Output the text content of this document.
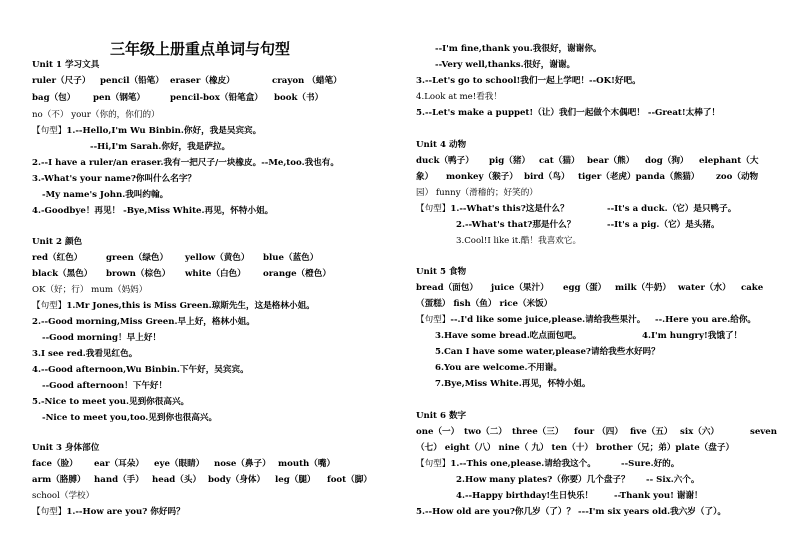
三年级上册重点单词与句型
Unit 1 学习文具
ruler（尺子） pencil（铅笔） eraser（橡皮）	crayon （蜡笔）
bag（包） pen（钢笔）	pencil-box（铅笔盒） book（书）
no（不） your（你的，你们的）
【句型】1.--Hello,I'm Wu Binbin.你好，我是吴宾宾。
--Hi,I'm Sarah.你好，我是萨拉。
2.--I have a ruler/an eraser.我有一把尺子/一块橡皮。--Me,too.我也有。
3.-What's your name?你叫什么名字？
-My name's John.我叫约翰。
4.-Goodbye！再见！ -Bye,Miss White.再见，怀特小姐。
Unit 2 颜色
red（红色）	green（绿色） yellow（黄色） blue（蓝色）
black（黑色） brown（棕色） white（白色） orange（橙色）
OK（好；行） mum（妈妈）
【句型】1.Mr Jones,this is Miss Green.琼斯先生，这是格林小姐。
2.--Good morning,Miss Green.早上好，格林小姐。
--Good morning！早上好！
3.I see red.我看见红色。
4.--Good afternoon,Wu Binbin.下午好，吴宾宾。
--Good afternoon！下午好！
5.-Nice to meet you.见到你很高兴。
-Nice to meet you,too.见到你也很高兴。
Unit 3 身体部位
face（脸） ear（耳朵） eye（眼睛） nose（鼻子） mouth（嘴）
arm（胳膊） hand（手） head（头） body（身体） leg（腿） foot（脚）
school（学校）
【句型】1.--How are you? 你好吗？
--I'm fine,thank you.我很好，谢谢你。
--Very well,thanks.很好，谢谢。
3.--Let's go to school!我们一起上学吧！--OK!好吧。
4.Look at me!看我！
5.--Let's make a puppet!（让）我们一起做个木偶吧！ --Great!太棒了！
Unit 4 动物
duck（鸭子） pig（猪） cat（猫） bear（熊） dog（狗） elephant（大
象） monkey（猴子） bird（鸟） tiger（老虎）panda（熊猫） zoo（动物
园） funny（滑稽的；好笑的）
【句型】1.--What's this?这是什么？	--It's a duck.（它）是只鸭子。
2.--What's that?那是什么？	--It's a pig.（它）是头猪。
3.Cool!I like it.酷！我喜欢它。
Unit 5 食物
bread（面包） juice（果汁） egg（蛋） milk（牛奶） water（水） cake
（蛋糕） fish（鱼） rice（米饭）
【句型】--.I'd like some juice,please.请给我些果汁。 --.Here you are.给你。
3.Have some bread.吃点面包吧。	4.I'm hungry!我饿了！
5.Can I have some water,please?请给我些水好吗？
6.You are welcome.不用谢。
7.Bye,Miss White.再见，怀特小姐。
Unit 6 数字
one（一） two（二） three（三） four （四） five（五） six（六）	seven
（七） eight（八） nine（ 九） ten（十） brother（兄；弟）plate（盘子）
【句型】1.--This one,please.请给我这个。	--Sure.好的。
2.How many plates?（你要）几个盘子？ -- Six.六个。
4.--Happy birthday!生日快乐！ --Thank you! 谢谢！
5.--How old are you?你几岁（了）？ ---I'm six years old.我六岁（了）。
